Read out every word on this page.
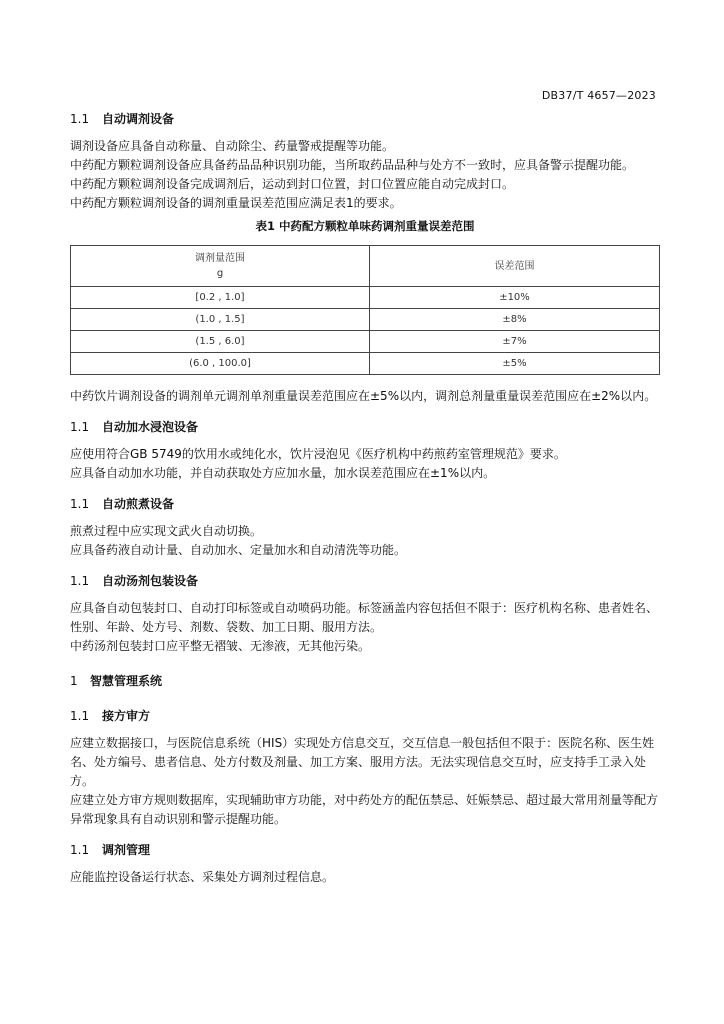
DB37/T 4657—2023
1.1 自动调剂设备

调剂设备应具备自动称量、自动除尘、药量警戒提醒等功能。

中药配方颗粒调剂设备应具备药品品种识别功能，当所取药品品种与处方不一致时，应具备警示提醒功能。

中药配方颗粒调剂设备完成调剂后，运动到封口位置，封口位置应能自动完成封口。

中药配方颗粒调剂设备的调剂重量误差范围应满足表1的要求。

表1 中药配方颗粒单味药调剂重量误差范围
调剂量范围
g	误差范围
[0.2 , 1.0]	±10%
(1.0 , 1.5]	±8%
(1.5 , 6.0]	±7%
(6.0 , 100.0]	±5%

中药饮片调剂设备的调剂单元调剂单剂重量误差范围应在±5%以内，调剂总剂量重量误差范围应在±2%以内。

1.1 自动加水浸泡设备

应使用符合GB 5749的饮用水或纯化水，饮片浸泡见《医疗机构中药煎药室管理规范》要求。

应具备自动加水功能，并自动获取处方应加水量，加水误差范围应在±1%以内。

1.1 自动煎煮设备

煎煮过程中应实现文武火自动切换。

应具备药液自动计量、自动加水、定量加水和自动清洗等功能。

1.1 自动汤剂包装设备

应具备自动包装封口、自动打印标签或自动喷码功能。标签涵盖内容包括但不限于：医疗机构名称、患者姓名、性别、年龄、处方号、剂数、袋数、加工日期、服用方法。

中药汤剂包装封口应平整无褶皱、无渗液，无其他污染。

1 智慧管理系统
1.1 接方审方

应建立数据接口，与医院信息系统（HIS）实现处方信息交互，交互信息一般包括但不限于：医院名称、医生姓名、处方编号、患者信息、处方付数及剂量、加工方案、服用方法。无法实现信息交互时，应支持手工录入处方。

应建立处方审方规则数据库，实现辅助审方功能，对中药处方的配伍禁忌、妊娠禁忌、超过最大常用剂量等配方异常现象具有自动识别和警示提醒功能。

1.1 调剂管理

应能监控设备运行状态、采集处方调剂过程信息。
